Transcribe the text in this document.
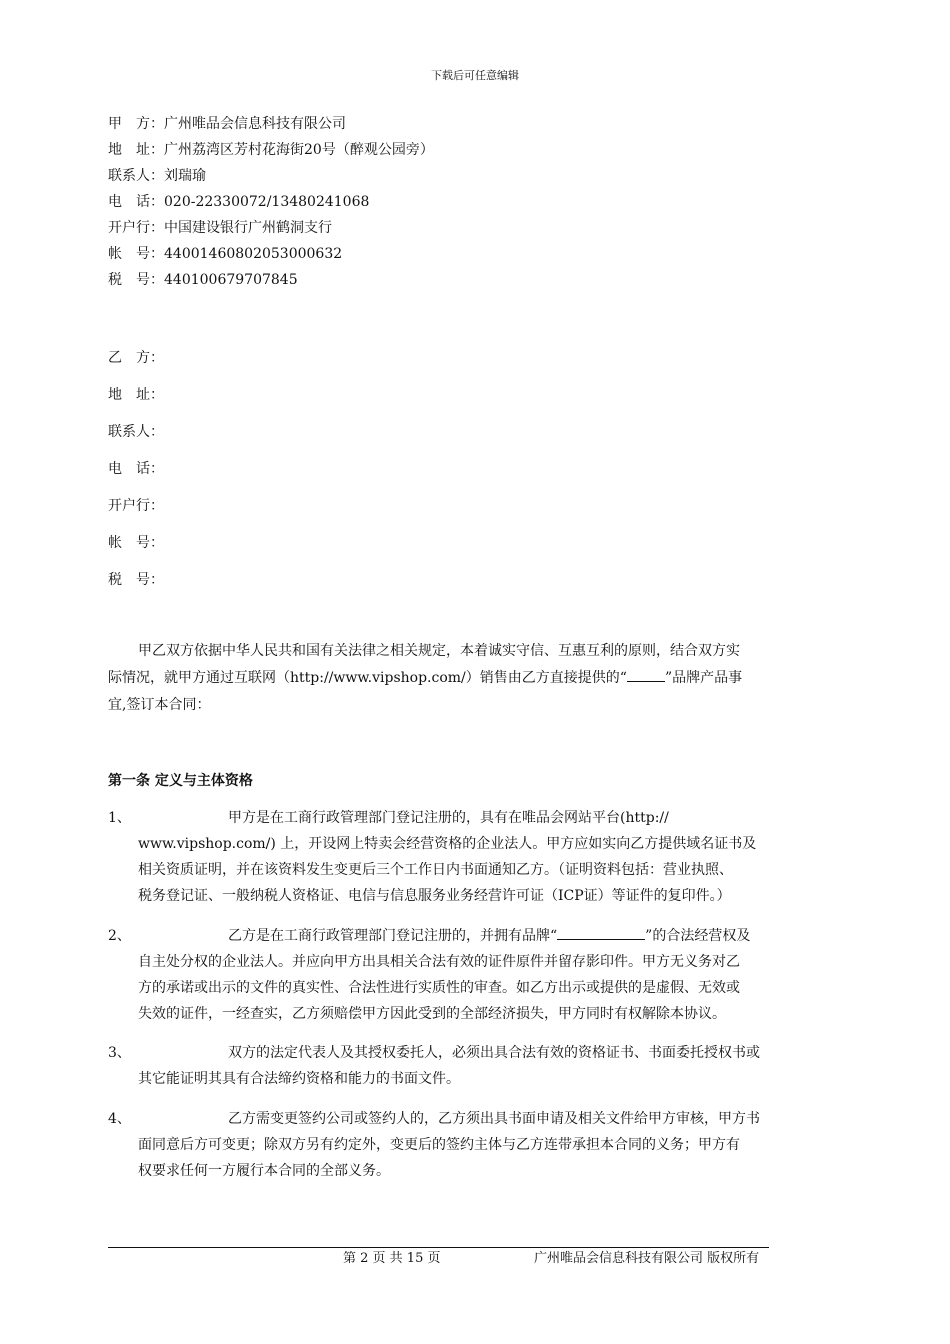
下载后可任意编辑
甲　方：广州唯品会信息科技有限公司
地　址：广州荔湾区芳村花海街20号（醉观公园旁）
联系人：刘瑞瑜
电　话：020-22330072/13480241068
开户行：中国建设银行广州鹤洞支行
帐　号：44001460802053000632
税　号：440100679707845
乙　方：
地　址：
联系人：
电　话：
开户行：
帐　号：
税　号：
甲乙双方依据中华人民共和国有关法律之相关规定，本着诚实守信、互惠互利的原则，结合双方实
际情况，就甲方通过互联网（http://www.vipshop.com/）销售由乙方直接提供的“	”品牌产品事
宜,签订本合同：
第一条 定义与主体资格
1、	甲方是在工商行政管理部门登记注册的，具有在唯品会网站平台(http://
www.vipshop.com/) 上，开设网上特卖会经营资格的企业法人。甲方应如实向乙方提供域名证书及
相关资质证明，并在该资料发生变更后三个工作日内书面通知乙方。（证明资料包括：营业执照、
税务登记证、一般纳税人资格证、电信与信息服务业务经营许可证（ICP证）等证件的复印件。）
2、	乙方是在工商行政管理部门登记注册的，并拥有品牌“	”的合法经营权及
自主处分权的企业法人。并应向甲方出具相关合法有效的证件原件并留存影印件。甲方无义务对乙
方的承诺或出示的文件的真实性、合法性进行实质性的审查。如乙方出示或提供的是虚假、无效或
失效的证件，一经查实，乙方须赔偿甲方因此受到的全部经济损失，甲方同时有权解除本协议。
3、	双方的法定代表人及其授权委托人，必须出具合法有效的资格证书、书面委托授权书或
其它能证明其具有合法缔约资格和能力的书面文件。
4、	乙方需变更签约公司或签约人的，乙方须出具书面申请及相关文件给甲方审核，甲方书
面同意后方可变更；除双方另有约定外，变更后的签约主体与乙方连带承担本合同的义务；甲方有
权要求任何一方履行本合同的全部义务。
第 2 页 共 15 页	广州唯品会信息科技有限公司 版权所有
